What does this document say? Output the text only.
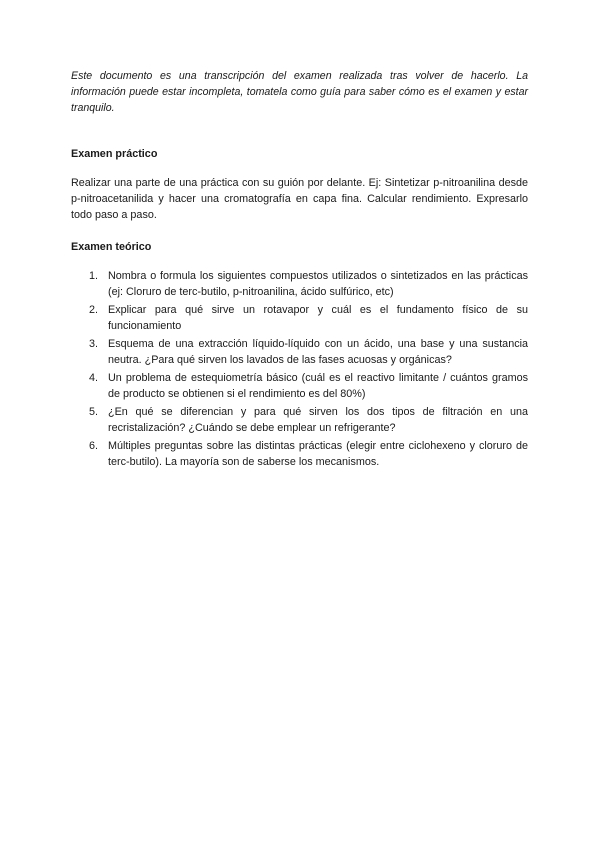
Este documento es una transcripción del examen realizada tras volver de hacerlo. La información puede estar incompleta, tomatela como guía para saber cómo es el examen y estar tranquilo.

Examen práctico

Realizar una parte de una práctica con su guión por delante. Ej: Sintetizar p-nitroanilina desde p-nitroacetanilida y hacer una cromatografía en capa fina. Calcular rendimiento. Expresarlo todo paso a paso.

Examen teórico
1. Nombra o formula los siguientes compuestos utilizados o sintetizados en las prácticas (ej: Cloruro de terc-butilo, p-nitroanilina, ácido sulfúrico, etc)
2. Explicar para qué sirve un rotavapor y cuál es el fundamento físico de su funcionamiento
3. Esquema de una extracción líquido-líquido con un ácido, una base y una sustancia neutra. ¿Para qué sirven los lavados de las fases acuosas y orgánicas?
4. Un problema de estequiometría básico (cuál es el reactivo limitante / cuántos gramos de producto se obtienen si el rendimiento es del 80%)
5. ¿En qué se diferencian y para qué sirven los dos tipos de filtración en una recristalización? ¿Cuándo se debe emplear un refrigerante?
6. Múltiples preguntas sobre las distintas prácticas (elegir entre ciclohexeno y cloruro de terc-butilo). La mayoría son de saberse los mecanismos.
